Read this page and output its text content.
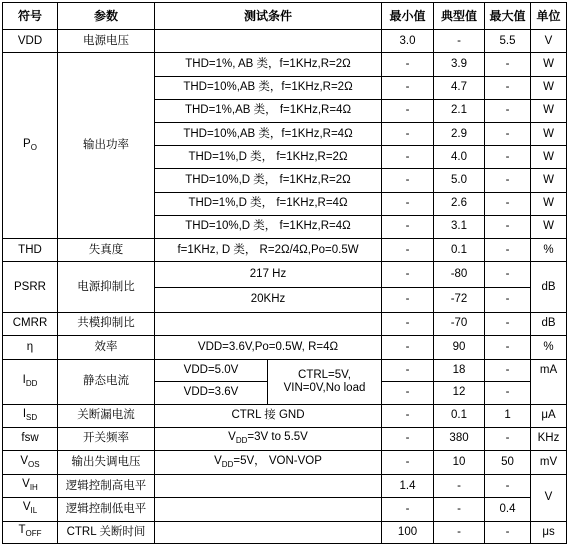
符号	参数	测试条件		最小值	典型值	最大值	单位
VDD	电源电压			3.0	-	5.5	V
$P_O$	输出功率	THD=1%, AB 类，f=1KHz,R=2Ω		-	3.9	-	W
		THD=10%,AB 类，f=1KHz,R=2Ω		-	4.7	-	W
		THD=1%,AB 类， f=1KHz,R=4Ω		-	2.1	-	W
		THD=10%,AB 类，f=1KHz,R=4Ω		-	2.9	-	W
		THD=1%,D 类， f=1KHz,R=2Ω		-	4.0	-	W
		THD=10%,D 类， f=1KHz,R=2Ω		-	5.0	-	W
		THD=1%,D 类， f=1KHz,R=4Ω		-	2.6	-	W
		THD=10%,D 类， f=1KHz,R=4Ω		-	3.1	-	W
THD	失真度	f=1KHz, D 类， R=2Ω/4Ω,Po=0.5W		-	0.1	-	%
PSRR	电源抑制比	217 Hz		-	-80	-	dB
		20KHz		-	-72	-	
CMRR	共模抑制比			-	-70	-	dB
η	效率	VDD=3.6V,Po=0.5W, R=4Ω		-	90	-	%
$I_{DD}$	静态电流	VDD=5.0V	CTRL=5V, VIN=0V,No load	-	18	-	mA
		VDD=3.6V		-	12	-	
$I_{SD}$	关断漏电流	CTRL 接 GND		-	0.1	1	μA
fsw	开关频率	$V_{DD}=3V$ to 5.5V		-	380	-	KHz
$V_{OS}$	输出失调电压	$V_{DD}=5V$， VON-VOP		-	10	50	mV
$V_{IH}$	逻辑控制高电平			1.4	-	-	V
$V_{IL}$	逻辑控制低电平			-	-	0.4	
$T_{OFF}$	CTRL 关断时间			100	-	-	μs
